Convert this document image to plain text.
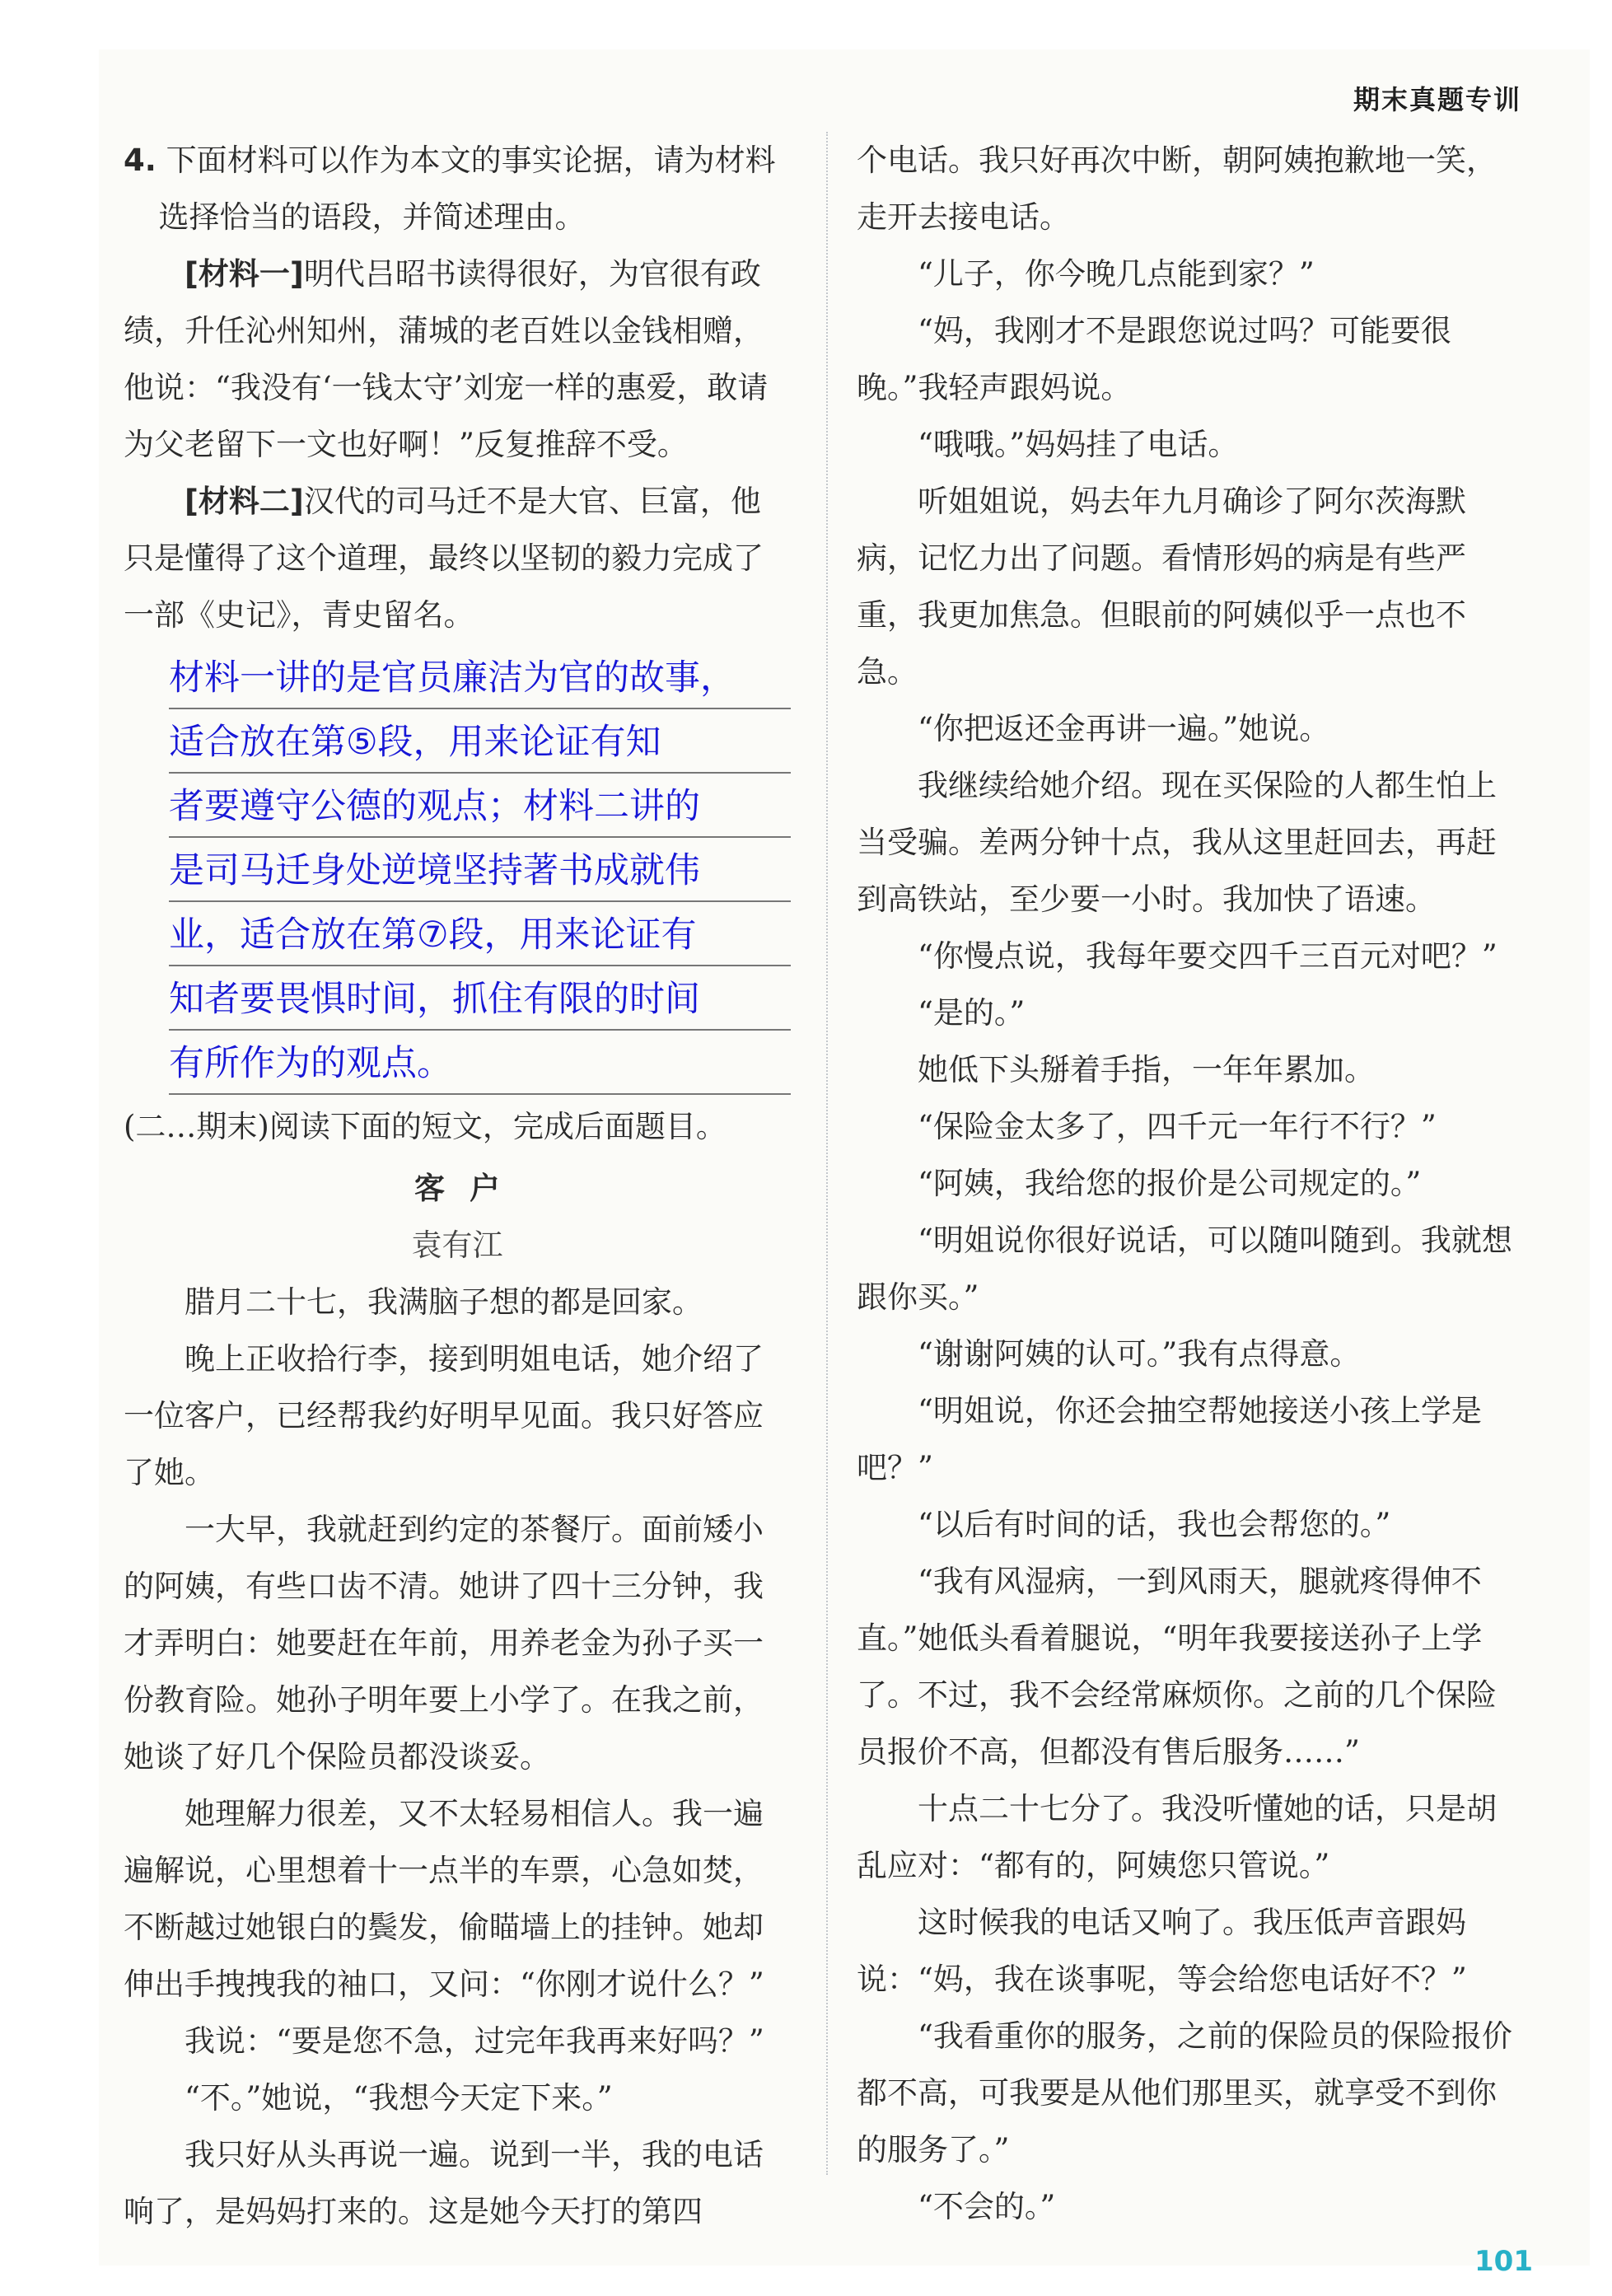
期末真题专训

4. 下面材料可以作为本文的事实论据，请为材料选择恰当的语段，并简述理由。

[材料一]明代吕昭书读得很好，为官很有政绩，升任沁州知州，蒲城的老百姓以金钱相赠，他说：“我没有‘一钱太守’刘宠一样的惠爱，敢请为父老留下一文也好啊！”反复推辞不受。

[材料二]汉代的司马迁不是大官、巨富，他只是懂得了这个道理，最终以坚韧的毅力完成了一部《史记》，青史留名。

材料一讲的是官员廉洁为官的故事，
适合放在第⑤段，用来论证有知
者要遵守公德的观点；材料二讲的
是司马迁身处逆境坚持著书成就伟
业，适合放在第⑦段，用来论证有
知者要畏惧时间，抓住有限的时间
有所作为的观点。

(二…期末)阅读下面的短文，完成后面题目。

客户

袁有江

腊月二十七，我满脑子想的都是回家。

晚上正收拾行李，接到明姐电话，她介绍了一位客户，已经帮我约好明早见面。我只好答应了她。

一大早，我就赶到约定的茶餐厅。面前矮小的阿姨，有些口齿不清。她讲了四十三分钟，我才弄明白：她要赶在年前，用养老金为孙子买一份教育险。她孙子明年要上小学了。在我之前，她谈了好几个保险员都没谈妥。

她理解力很差，又不太轻易相信人。我一遍遍解说，心里想着十一点半的车票，心急如焚，不断越过她银白的鬓发，偷瞄墙上的挂钟。她却伸出手拽拽我的袖口，又问：“你刚才说什么？”

我说：“要是您不急，过完年我再来好吗？”

“不。”她说，“我想今天定下来。”

我只好从头再说一遍。说到一半，我的电话响了，是妈妈打来的。这是她今天打的第四

个电话。我只好再次中断，朝阿姨抱歉地一笑，走开去接电话。

“儿子，你今晚几点能到家？”

“妈，我刚才不是跟您说过吗？可能要很晚。”我轻声跟妈说。

“哦哦。”妈妈挂了电话。

听姐姐说，妈去年九月确诊了阿尔茨海默病，记忆力出了问题。看情形妈的病是有些严重，我更加焦急。但眼前的阿姨似乎一点也不急。

“你把返还金再讲一遍。”她说。

我继续给她介绍。现在买保险的人都生怕上当受骗。差两分钟十点，我从这里赶回去，再赶到高铁站，至少要一小时。我加快了语速。

“你慢点说，我每年要交四千三百元对吧？”

“是的。”

她低下头掰着手指，一年年累加。

“保险金太多了，四千元一年行不行？”

“阿姨，我给您的报价是公司规定的。”

“明姐说你很好说话，可以随叫随到。我就想跟你买。”

“谢谢阿姨的认可。”我有点得意。

“明姐说，你还会抽空帮她接送小孩上学是吧？”

“以后有时间的话，我也会帮您的。”

“我有风湿病，一到风雨天，腿就疼得伸不直。”她低头看着腿说，“明年我要接送孙子上学了。不过，我不会经常麻烦你。之前的几个保险员报价不高，但都没有售后服务……”

十点二十七分了。我没听懂她的话，只是胡乱应对：“都有的，阿姨您只管说。”

这时候我的电话又响了。我压低声音跟妈说：“妈，我在谈事呢，等会给您电话好不？”

“我看重你的服务，之前的保险员的保险报价都不高，可我要是从他们那里买，就享受不到你的服务了。”

“不会的。”

101
